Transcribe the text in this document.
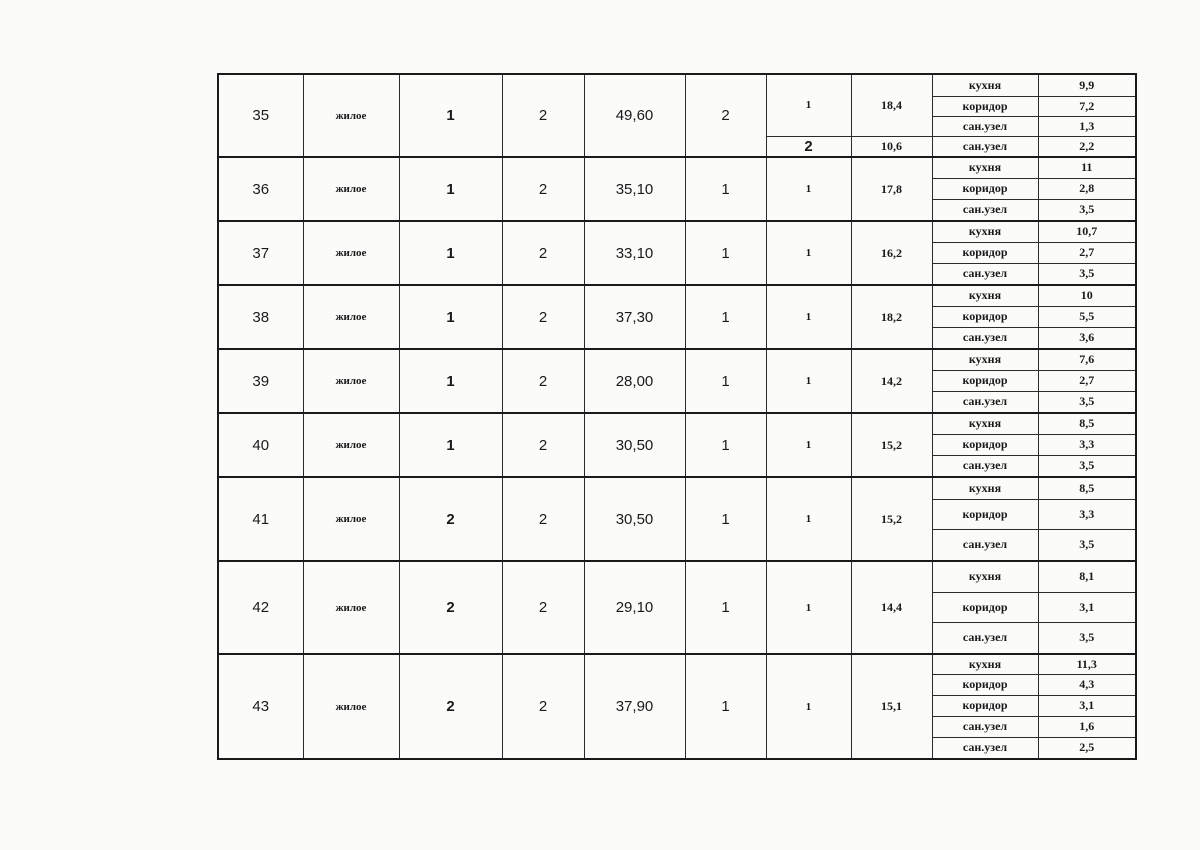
35	жилое	1	2	49,60	2	1	18,4	кухня	9,9
								коридор	7,2
								сан.узел	1,3
						2	10,6	сан.узел	2,2
36	жилое	1	2	35,10	1	1	17,8	кухня	11
								коридор	2,8
								сан.узел	3,5
37	жилое	1	2	33,10	1	1	16,2	кухня	10,7
								коридор	2,7
								сан.узел	3,5
38	жилое	1	2	37,30	1	1	18,2	кухня	10
								коридор	5,5
								сан.узел	3,6
39	жилое	1	2	28,00	1	1	14,2	кухня	7,6
								коридор	2,7
								сан.узел	3,5
40	жилое	1	2	30,50	1	1	15,2	кухня	8,5
								коридор	3,3
								сан.узел	3,5
41	жилое	2	2	30,50	1	1	15,2	кухня	8,5
								коридор	3,3
								сан.узел	3,5
42	жилое	2	2	29,10	1	1	14,4	кухня	8,1
								коридор	3,1
								сан.узел	3,5
43	жилое	2	2	37,90	1	1	15,1	кухня	11,3
								коридор	4,3
								коридор	3,1
								сан.узел	1,6
								сан.узел	2,5
